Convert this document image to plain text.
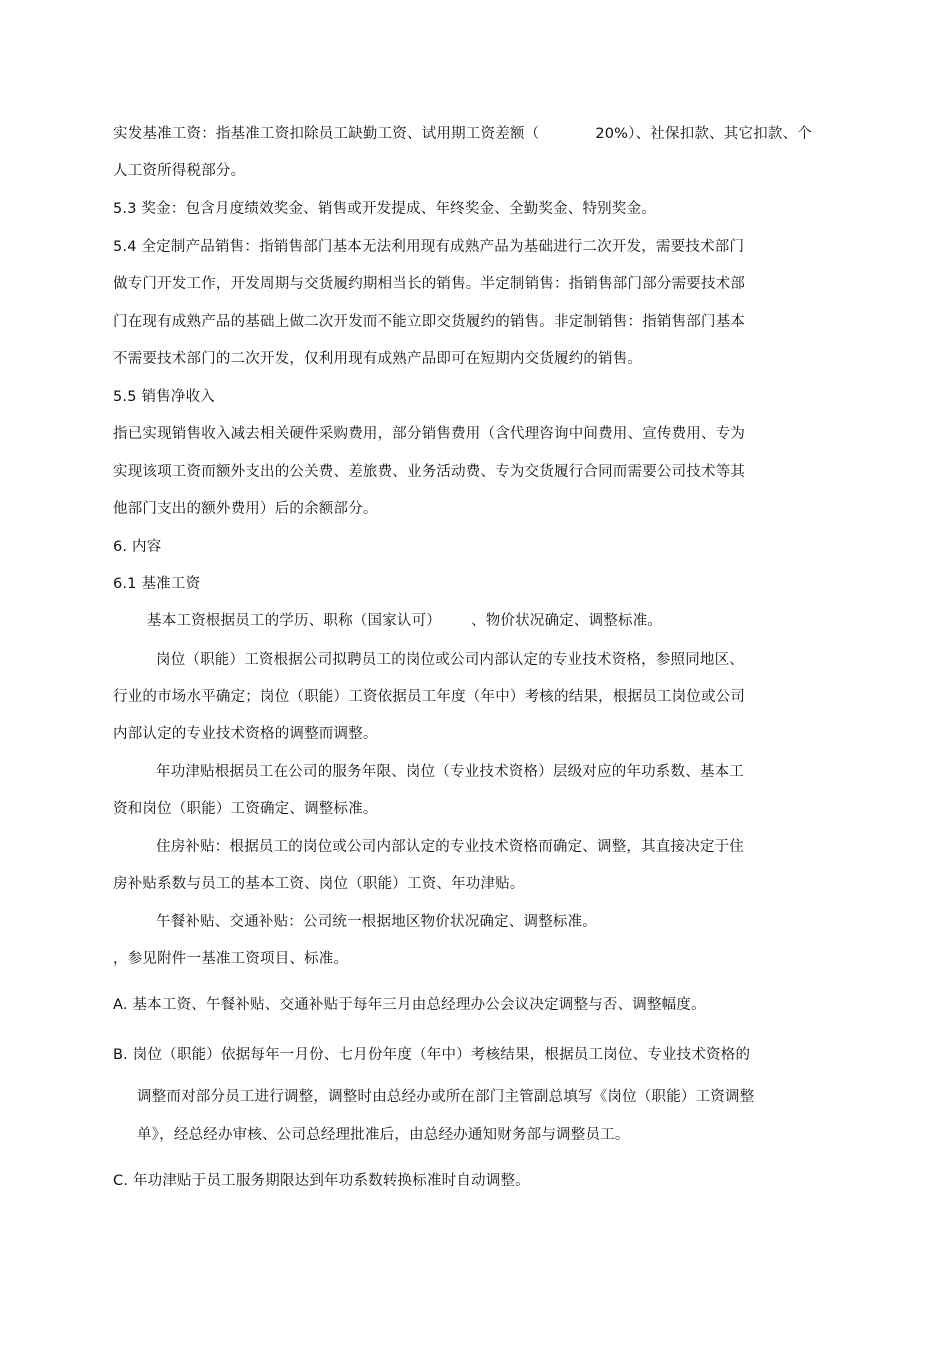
实发基准工资：指基准工资扣除员工缺勤工资、试用期工资差额（	20%）、社保扣款、其它扣款、个
人工资所得税部分。
5.3 奖金：包含月度绩效奖金、销售或开发提成、年终奖金、全勤奖金、特别奖金。
5.4 全定制产品销售：指销售部门基本无法利用现有成熟产品为基础进行二次开发，需要技术部门
做专门开发工作，开发周期与交货履约期相当长的销售。半定制销售：指销售部门部分需要技术部
门在现有成熟产品的基础上做二次开发而不能立即交货履约的销售。非定制销售：指销售部门基本
不需要技术部门的二次开发，仅利用现有成熟产品即可在短期内交货履约的销售。
5.5 销售净收入
指已实现销售收入减去相关硬件采购费用，部分销售费用（含代理咨询中间费用、宣传费用、专为
实现该项工资而额外支出的公关费、差旅费、业务活动费、专为交货履行合同而需要公司技术等其
他部门支出的额外费用）后的余额部分。
6. 内容
6.1 基准工资
基本工资根据员工的学历、职称（国家认可） 、物价状况确定、调整标准。
岗位（职能）工资根据公司拟聘员工的岗位或公司内部认定的专业技术资格，参照同地区、
行业的市场水平确定；岗位（职能）工资依据员工年度（年中）考核的结果，根据员工岗位或公司
内部认定的专业技术资格的调整而调整。
年功津贴根据员工在公司的服务年限、岗位（专业技术资格）层级对应的年功系数、基本工
资和岗位（职能）工资确定、调整标准。
住房补贴：根据员工的岗位或公司内部认定的专业技术资格而确定、调整，其直接决定于住
房补贴系数与员工的基本工资、岗位（职能）工资、年功津贴。
午餐补贴、交通补贴：公司统一根据地区物价状况确定、调整标准。
，参见附件一基准工资项目、标准。
A. 基本工资、午餐补贴、交通补贴于每年三月由总经理办公会议决定调整与否、调整幅度。
B. 岗位（职能）依据每年一月份、七月份年度（年中）考核结果，根据员工岗位、专业技术资格的
调整而对部分员工进行调整，调整时由总经办或所在部门主管副总填写《岗位（职能）工资调整
单》，经总经办审核、公司总经理批准后，由总经办通知财务部与调整员工。
C. 年功津贴于员工服务期限达到年功系数转换标准时自动调整。
